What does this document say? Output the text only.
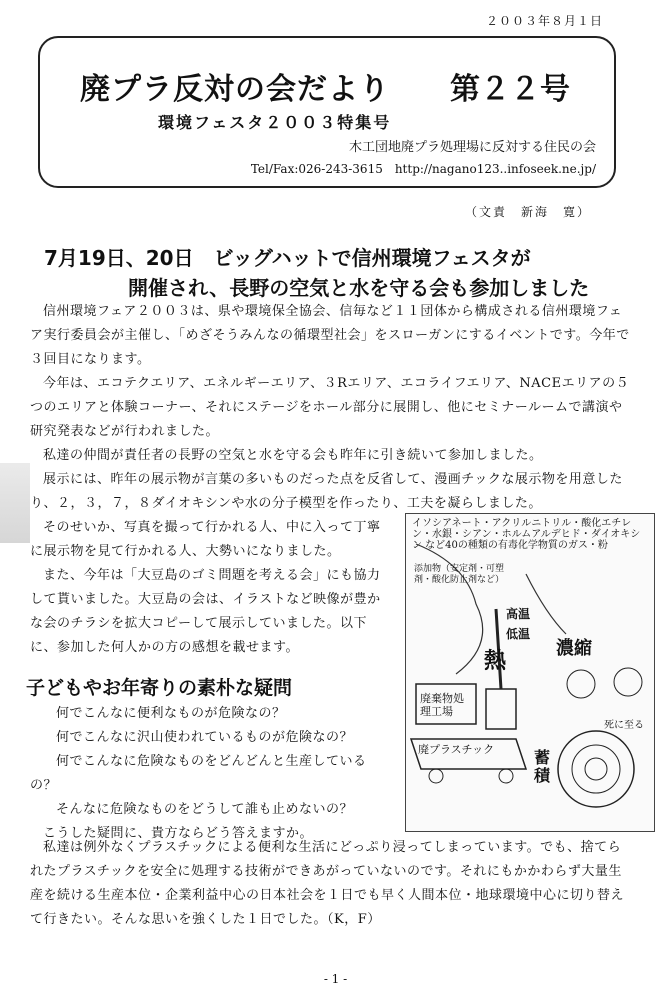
２００３年８月１日
廃プラ反対の会だより 第２２号
環境フェスタ２００３特集号
木工団地廃プラ処理場に反対する住民の会
Tel/Fax:026-243-3615　http://nagano123..infoseek.ne.jp/
（文責　新海　寛）
7月19日、20日　ビッグハットで信州環境フェスタが
開催され、長野の空気と水を守る会も参加しました

信州環境フェア２００３は、県や環境保全協会、信毎など１１団体から構成される信州環境フェア実行委員会が主催し、「めざそうみんなの循環型社会」をスローガンにするイベントです。今年で３回目になります。

今年は、エコテクエリア、エネルギーエリア、３Rエリア、エコライフエリア、NACEエリアの５つのエリアと体験コーナー、それにステージをホール部分に展開し、他にセミナールームで講演や研究発表などが行われました。

私達の仲間が責任者の長野の空気と水を守る会も昨年に引き続いて参加しました。

展示には、昨年の展示物が言葉の多いものだった点を反省して、漫画チックな展示物を用意したり、２，３，７，８ダイオキシンや水の分子模型を作ったり、工夫を凝らしました。

そのせいか、写真を撮って行かれる人、中に入って丁寧に展示物を見て行かれる人、大勢いになりました。

また、今年は「大豆島のゴミ問題を考える会」にも協力して貰いました。大豆島の会は、イラストなど映像が豊かな会のチラシを拡大コピーして展示していました。以下に、参加した何人かの方の感想を載せます。

イソシアネート・アクリルニトリル・酸化エチレン・水銀・シアン・ホルムアルデヒド・ダイオキシン など40の種類の有毒化学物質のガス・粉
添加物（安定剤・可塑剤・酸化防止剤など）
高温
低温
熱	濃縮
廃棄物処理工場
廃プラスチック 蓄積
死に至る
子どもやお年寄りの素朴な疑問

何でこんなに便利なものが危険なの？

何でこんなに沢山使われているものが危険なの？

何でこんなに危険なものをどんどんと生産しているの？

そんなに危険なものをどうして誰も止めないの？

こうした疑問に、貴方ならどう答えますか。

私達は例外なくプラスチックによる便利な生活にどっぷり浸ってしまっています。でも、捨てられたプラスチックを安全に処理する技術ができあがっていないのです。それにもかかわらず大量生産を続ける生産本位・企業利益中心の日本社会を１日でも早く人間本位・地球環境中心に切り替えて行きたい。そんな思いを強くした１日でした。（K，F）

- 1 -
